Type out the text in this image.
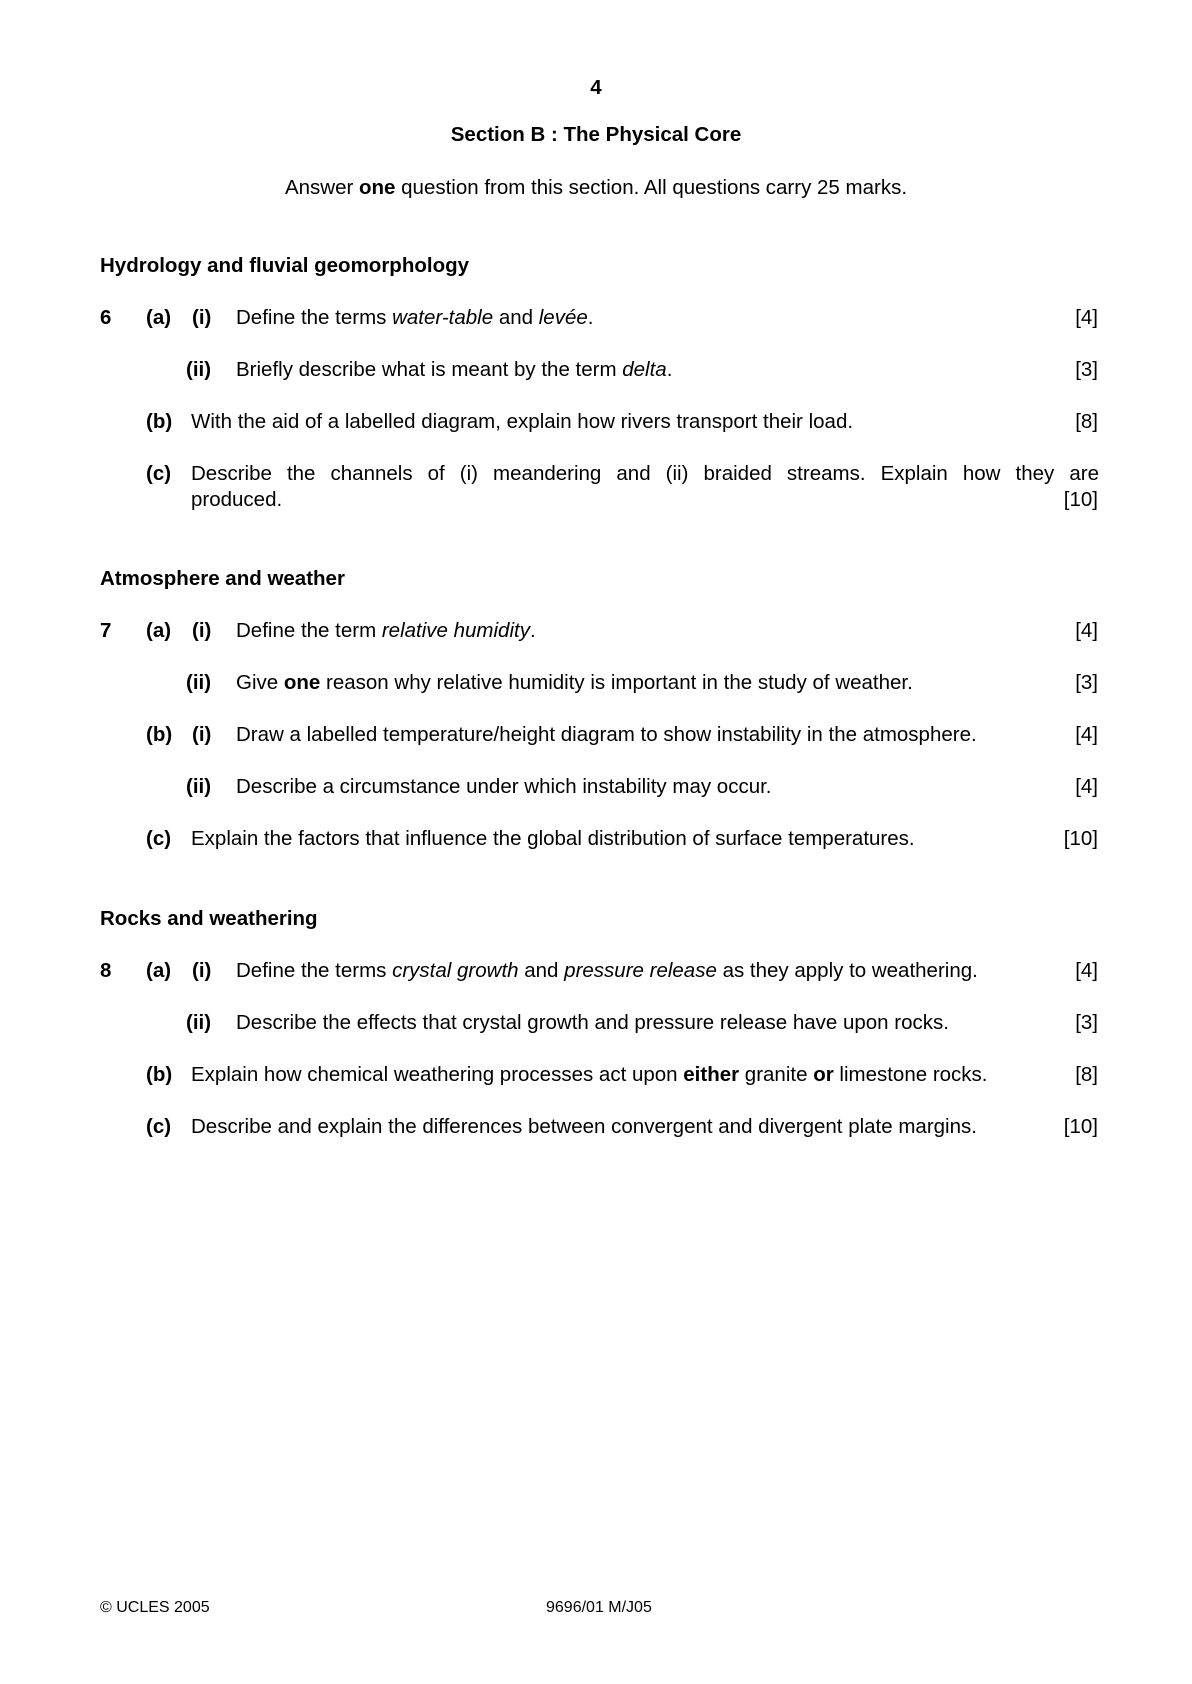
4
Section B : The Physical Core
Answer one question from this section. All questions carry 25 marks.
Hydrology and fluvial geomorphology
6 (a) (i) Define the terms water-table and levée.	[4]
(ii) Briefly describe what is meant by the term delta.	[3]
(b) With the aid of a labelled diagram, explain how rivers transport their load.	[8]
(c) Describe the channels of (i) meandering and (ii) braided streams. Explain how they are
produced.	[10]
Atmosphere and weather
7 (a) (i) Define the term relative humidity.	[4]
(ii) Give one reason why relative humidity is important in the study of weather.	[3]
(b) (i) Draw a labelled temperature/height diagram to show instability in the atmosphere.	[4]
(ii) Describe a circumstance under which instability may occur.	[4]
(c) Explain the factors that influence the global distribution of surface temperatures.	[10]
Rocks and weathering
8 (a) (i) Define the terms crystal growth and pressure release as they apply to weathering.	[4]
(ii) Describe the effects that crystal growth and pressure release have upon rocks.	[3]
(b) Explain how chemical weathering processes act upon either granite or limestone rocks.	[8]
(c) Describe and explain the differences between convergent and divergent plate margins.	[10]
© UCLES 2005	9696/01 M/J05
